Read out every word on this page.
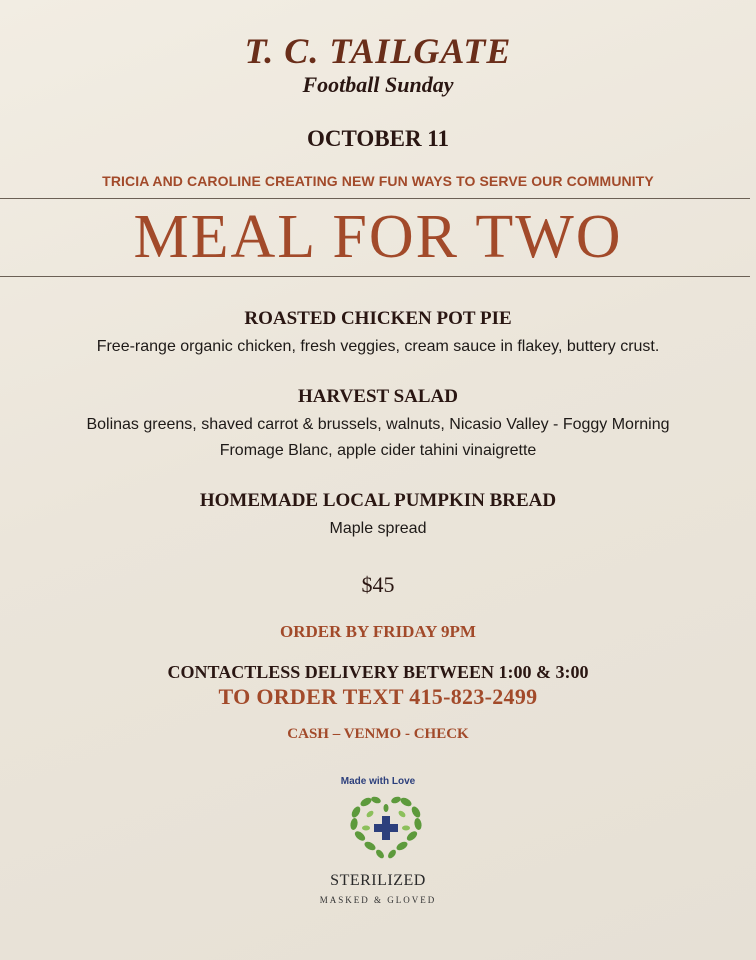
T. C. TAILGATE
Football Sunday
OCTOBER 11
TRICIA AND CAROLINE CREATING NEW FUN WAYS TO SERVE OUR COMMUNITY
MEAL FOR TWO
ROASTED CHICKEN POT PIE
Free-range organic chicken, fresh veggies, cream sauce in flakey, buttery crust.
HARVEST SALAD
Bolinas greens, shaved carrot & brussels, walnuts, Nicasio Valley - Foggy Morning
Fromage Blanc, apple cider tahini vinaigrette
HOMEMADE LOCAL PUMPKIN BREAD
Maple spread
$45
ORDER BY FRIDAY 9PM
CONTACTLESS DELIVERY BETWEEN 1:00 & 3:00
TO ORDER TEXT 415-823-2499
CASH – VENMO - CHECK
Made with Love
STERILIZED
MASKED & GLOVED
